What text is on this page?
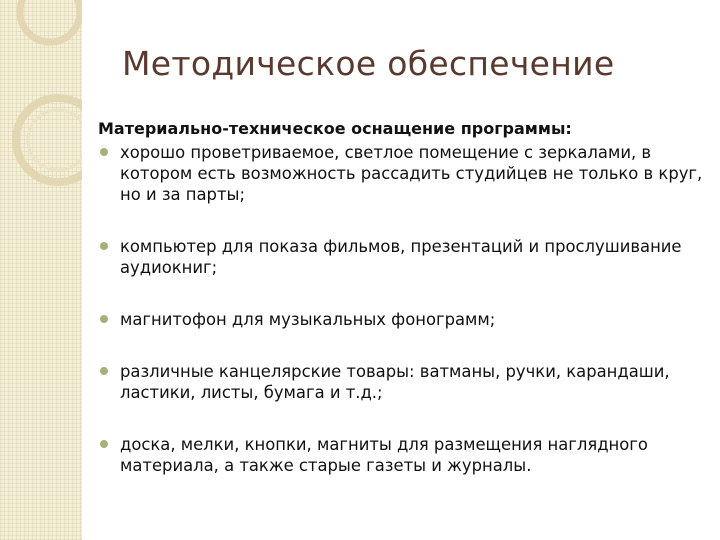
Методическое обеспечение
Материально-техническое оснащение программы:
хорошо проветриваемое, светлое помещение с зеркалами, в котором есть возможность рассадить студийцев не только в круг, но и за парты;
компьютер для показа фильмов, презентаций и прослушивание аудиокниг;
магнитофон для музыкальных фонограмм;
различные канцелярские товары: ватманы, ручки, карандаши, ластики, листы, бумага и т.д.;
доска, мелки, кнопки, магниты для размещения наглядного материала, а также старые газеты и журналы.
